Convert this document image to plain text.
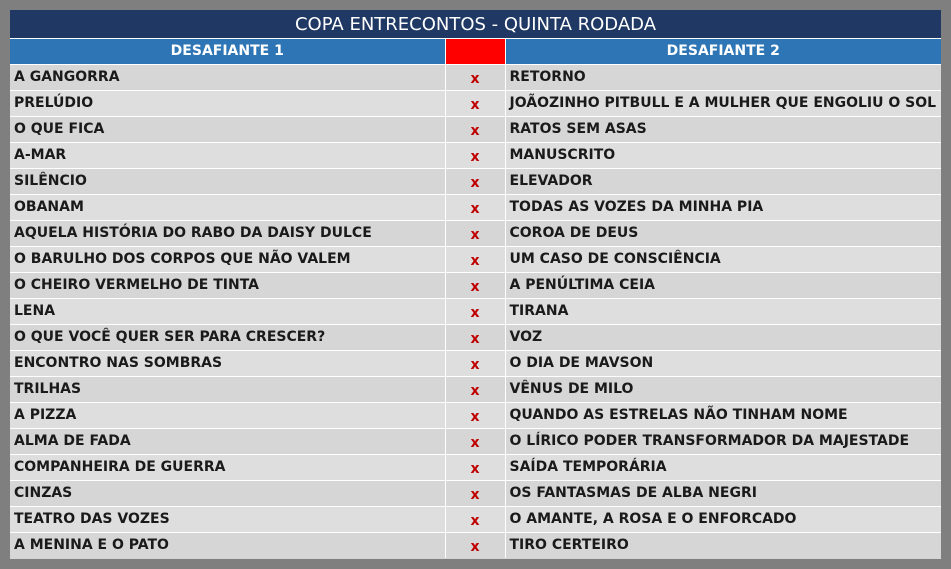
COPA ENTRECONTOS - QUINTA RODADA
DESAFIANTE 1		DESAFIANTE 2
A GANGORRA	x	RETORNO
PRELÚDIO	x	JOÃOZINHO PITBULL E A MULHER QUE ENGOLIU O SOL
O QUE FICA	x	RATOS SEM ASAS
A-MAR	x	MANUSCRITO
SILÊNCIO	x	ELEVADOR
OBANAM	x	TODAS AS VOZES DA MINHA PIA
AQUELA HISTÓRIA DO RABO DA DAISY DULCE	x	COROA DE DEUS
O BARULHO DOS CORPOS QUE NÃO VALEM	x	UM CASO DE CONSCIÊNCIA
O CHEIRO VERMELHO DE TINTA	x	A PENÚLTIMA CEIA
LENA	x	TIRANA
O QUE VOCÊ QUER SER PARA CRESCER?	x	VOZ
ENCONTRO NAS SOMBRAS	x	O DIA DE MAVSON
TRILHAS	x	VÊNUS DE MILO
A PIZZA	x	QUANDO AS ESTRELAS NÃO TINHAM NOME
ALMA DE FADA	x	O LÍRICO PODER TRANSFORMADOR DA MAJESTADE
COMPANHEIRA DE GUERRA	x	SAÍDA TEMPORÁRIA
CINZAS	x	OS FANTASMAS DE ALBA NEGRI
TEATRO DAS VOZES	x	O AMANTE, A ROSA E O ENFORCADO
A MENINA E O PATO	x	TIRO CERTEIRO
